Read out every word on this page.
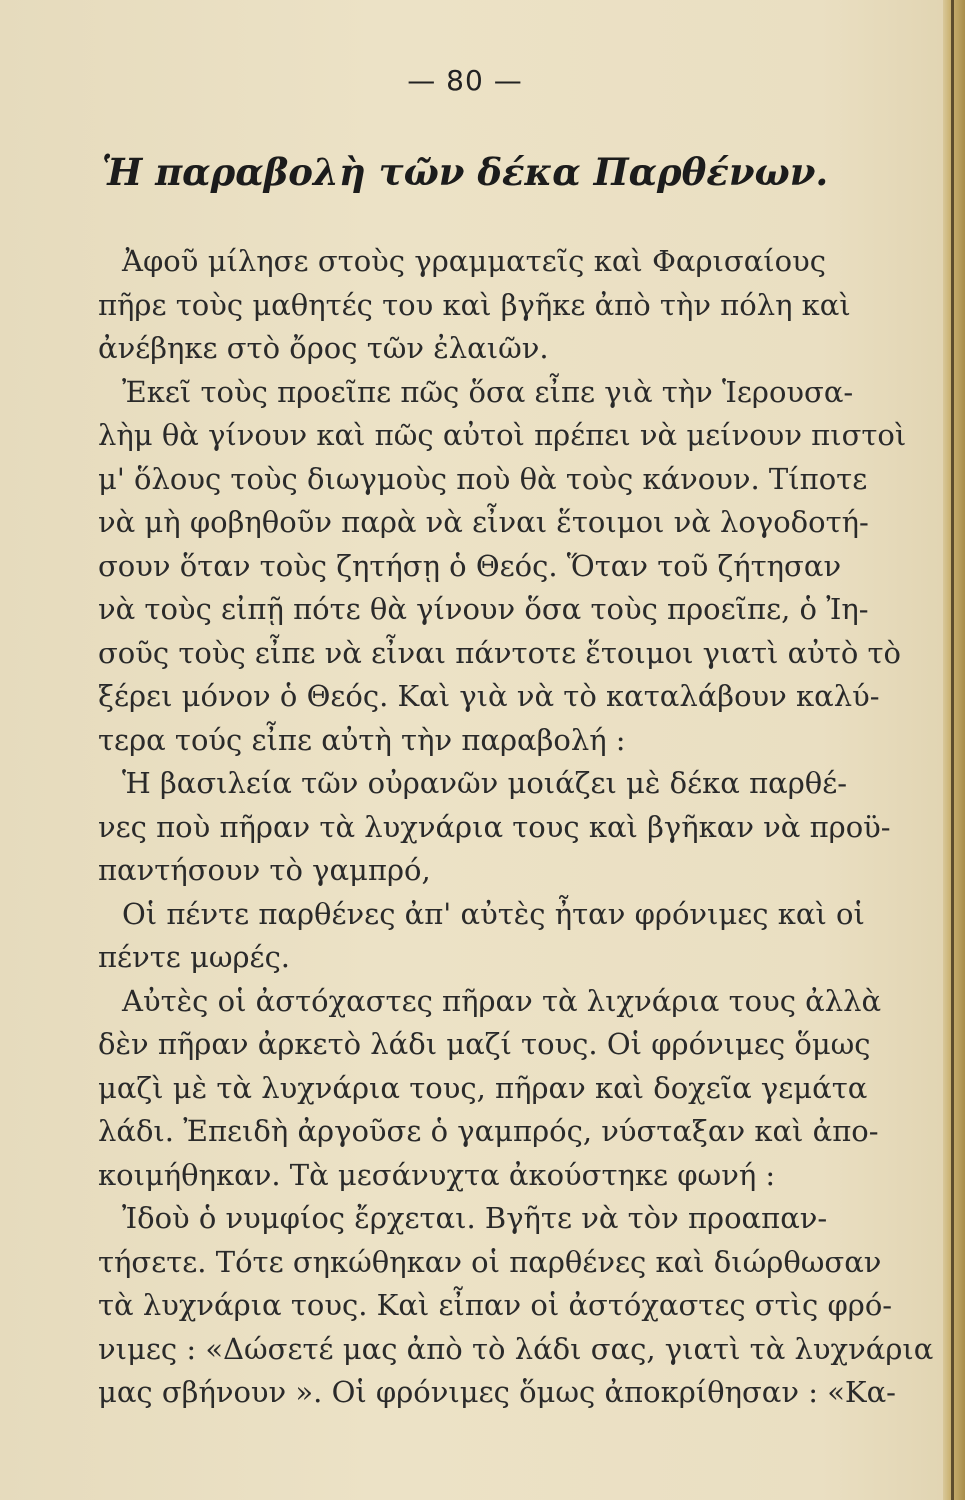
— 80 —
Ἡ παραβολὴ τῶν δέκα Παρθένων.
Ἀφοῦ μίλησε στοὺς γραμματεῖς καὶ Φαρισαίους
πῆρε τοὺς μαθητές του καὶ βγῆκε ἀπὸ τὴν πόλη καὶ
ἀνέβηκε στὸ ὄρος τῶν ἐλαιῶν.
Ἐκεῖ τοὺς προεῖπε πῶς ὅσα εἶπε γιὰ τὴν Ἱερουσα-
λὴμ θὰ γίνουν καὶ πῶς αὐτοὶ πρέπει νὰ μείνουν πιστοὶ
μ' ὅλους τοὺς διωγμοὺς ποὺ θὰ τοὺς κάνουν. Τίποτε
νὰ μὴ φοβηθοῦν παρὰ νὰ εἶναι ἕτοιμοι νὰ λογοδοτή-
σουν ὅταν τοὺς ζητήσῃ ὁ Θεός. Ὅταν τοῦ ζήτησαν
νὰ τοὺς εἰπῇ πότε θὰ γίνουν ὅσα τοὺς προεῖπε, ὁ Ἰη-
σοῦς τοὺς εἶπε νὰ εἶναι πάντοτε ἕτοιμοι γιατὶ αὐτὸ τὸ
ξέρει μόνον ὁ Θεός. Καὶ γιὰ νὰ τὸ καταλάβουν καλύ-
τερα τούς εἶπε αὐτὴ τὴν παραβολή :
Ἡ βασιλεία τῶν οὐρανῶν μοιάζει μὲ δέκα παρθέ-
νες ποὺ πῆραν τὰ λυχνάρια τους καὶ βγῆκαν νὰ προϋ-
παντήσουν τὸ γαμπρό,
Οἱ πέντε παρθένες ἀπ' αὐτὲς ἦταν φρόνιμες καὶ οἱ
πέντε μωρές.
Αὐτὲς οἱ ἀστόχαστες πῆραν τὰ λιχνάρια τους ἀλλὰ
δὲν πῆραν ἀρκετὸ λάδι μαζί τους. Οἱ φρόνιμες ὅμως
μαζὶ μὲ τὰ λυχνάρια τους, πῆραν καὶ δοχεῖα γεμάτα
λάδι. Ἐπειδὴ ἀργοῦσε ὁ γαμπρός, νύσταξαν καὶ ἀπο-
κοιμήθηκαν. Τὰ μεσάνυχτα ἀκούστηκε φωνή :
Ἰδοὺ ὁ νυμφίος ἔρχεται. Βγῆτε νὰ τὸν προαπαν-
τήσετε. Τότε σηκώθηκαν οἱ παρθένες καὶ διώρθωσαν
τὰ λυχνάρια τους. Καὶ εἶπαν οἱ ἀστόχαστες στὶς φρό-
νιμες : «Δώσετέ μας ἀπὸ τὸ λάδι σας, γιατὶ τὰ λυχνάρια
μας σβήνουν ». Οἱ φρόνιμες ὅμως ἀποκρίθησαν : «Κα-
